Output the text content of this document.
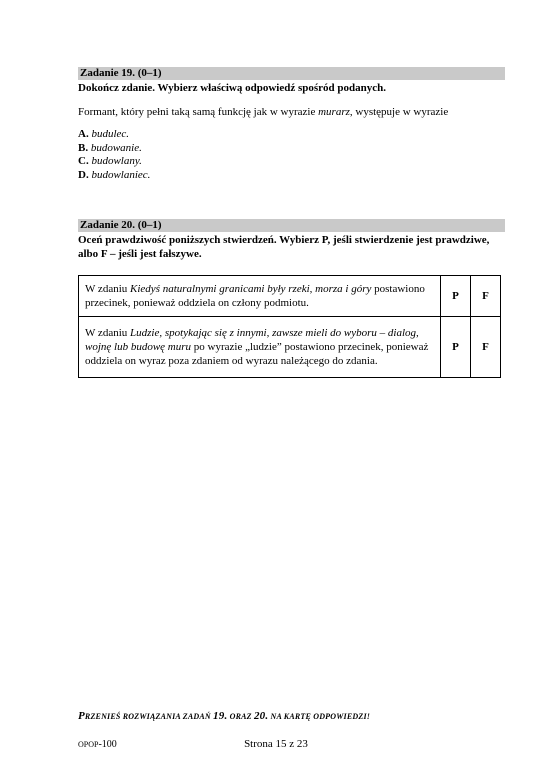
Zadanie 19. (0–1)
Dokończ zdanie. Wybierz właściwą odpowiedź spośród podanych.
Formant, który pełni taką samą funkcję jak w wyrazie murarz, występuje w wyrazie
A. budulec.
B. budowanie.
C. budowlany.
D. budowlaniec.
Zadanie 20. (0–1)
Oceń prawdziwość poniższych stwierdzeń. Wybierz P, jeśli stwierdzenie jest prawdziwe, albo F – jeśli jest fałszywe.
W zdaniu Kiedyś naturalnymi granicami były rzeki, morza i góry postawiono przecinek, ponieważ oddziela on człony podmiotu.	P	F
W zdaniu Ludzie, spotykając się z innymi, zawsze mieli do wyboru – dialog, wojnę lub budowę muru po wyrazie „ludzie” postawiono przecinek, ponieważ oddziela on wyraz poza zdaniem od wyrazu należącego do zdania.	P	F
PRZENIEŚ ROZWIĄZANIA ZADAŃ 19. ORAZ 20. NA KARTĘ ODPOWIEDZI!
OPOP-100	Strona 15 z 23
